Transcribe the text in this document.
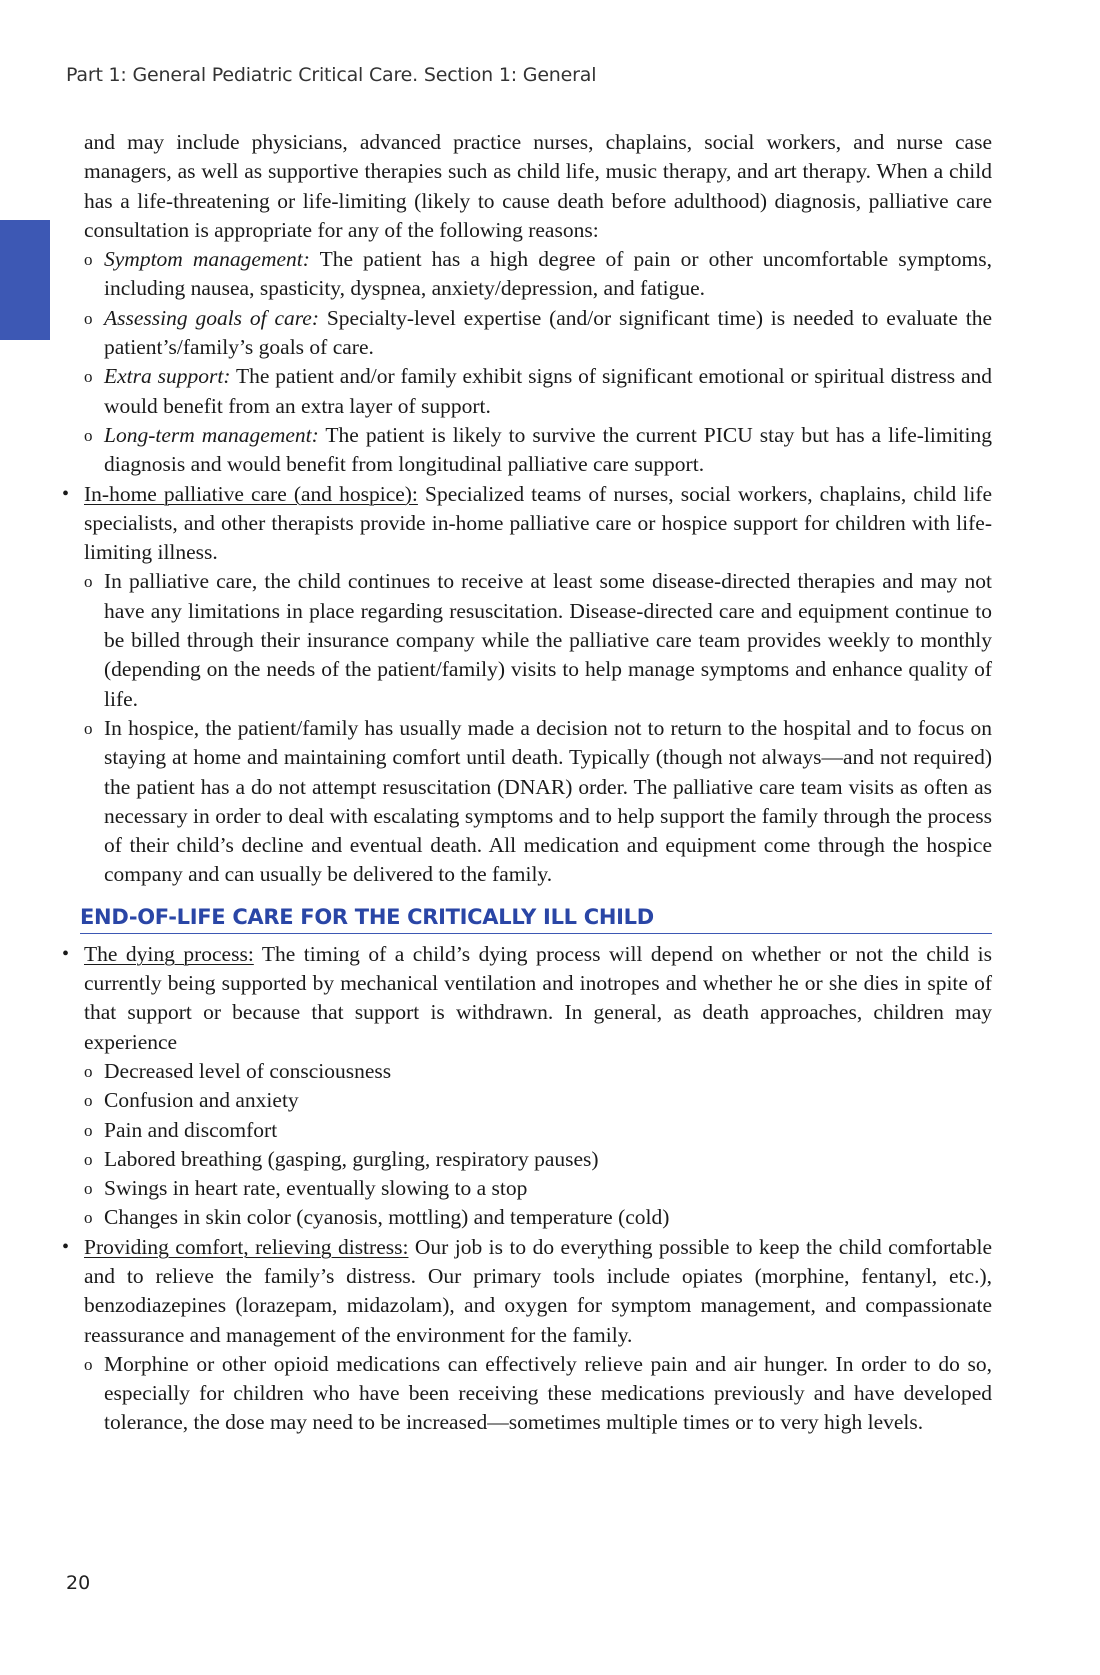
Part 1: General Pediatric Critical Care. Section 1: General

and may include physicians, advanced practice nurses, chaplains, social workers, and nurse case managers, as well as supportive therapies such as child life, music therapy, and art therapy. When a child has a life-threatening or life-limiting (likely to cause death before adulthood) diagnosis, palliative care consultation is appropriate for any of the following reasons:

o Symptom management: The patient has a high degree of pain or other uncomfortable symptoms, including nausea, spasticity, dyspnea, anxiety/depression, and fatigue.
o Assessing goals of care: Specialty-level expertise (and/or significant time) is needed to evaluate the patient’s/family’s goals of care.
o Extra support: The patient and/or family exhibit signs of significant emotional or spiritual distress and would benefit from an extra layer of support.
o Long-term management: The patient is likely to survive the current PICU stay but has a life-limiting diagnosis and would benefit from longitudinal palliative care support.
• In-home palliative care (and hospice): Specialized teams of nurses, social workers, chaplains, child life specialists, and other therapists provide in-home palliative care or hospice support for children with life-limiting illness.
o In palliative care, the child continues to receive at least some disease-directed therapies and may not have any limitations in place regarding resuscitation. Disease-directed care and equipment continue to be billed through their insurance company while the palliative care team provides weekly to monthly (depending on the needs of the patient/family) visits to help manage symptoms and enhance quality of life.
o In hospice, the patient/family has usually made a decision not to return to the hospital and to focus on staying at home and maintaining comfort until death. Typically (though not always—and not required) the patient has a do not attempt resuscitation (DNAR) order. The palliative care team visits as often as necessary in order to deal with escalating symptoms and to help support the family through the process of their child’s decline and eventual death. All medication and equipment come through the hospice company and can usually be delivered to the family.
END-OF-LIFE CARE FOR THE CRITICALLY ILL CHILD
• The dying process: The timing of a child’s dying process will depend on whether or not the child is currently being supported by mechanical ventilation and inotropes and whether he or she dies in spite of that support or because that support is withdrawn. In general, as death approaches, children may experience
o Decreased level of consciousness
o Confusion and anxiety
o Pain and discomfort
o Labored breathing (gasping, gurgling, respiratory pauses)
o Swings in heart rate, eventually slowing to a stop
o Changes in skin color (cyanosis, mottling) and temperature (cold)
• Providing comfort, relieving distress: Our job is to do everything possible to keep the child comfortable and to relieve the family’s distress. Our primary tools include opiates (morphine, fentanyl, etc.), benzodiazepines (lorazepam, midazolam), and oxygen for symptom management, and compassionate reassurance and management of the environment for the family.
o Morphine or other opioid medications can effectively relieve pain and air hunger. In order to do so, especially for children who have been receiving these medications previously and have developed tolerance, the dose may need to be increased—sometimes multiple times or to very high levels.
20
